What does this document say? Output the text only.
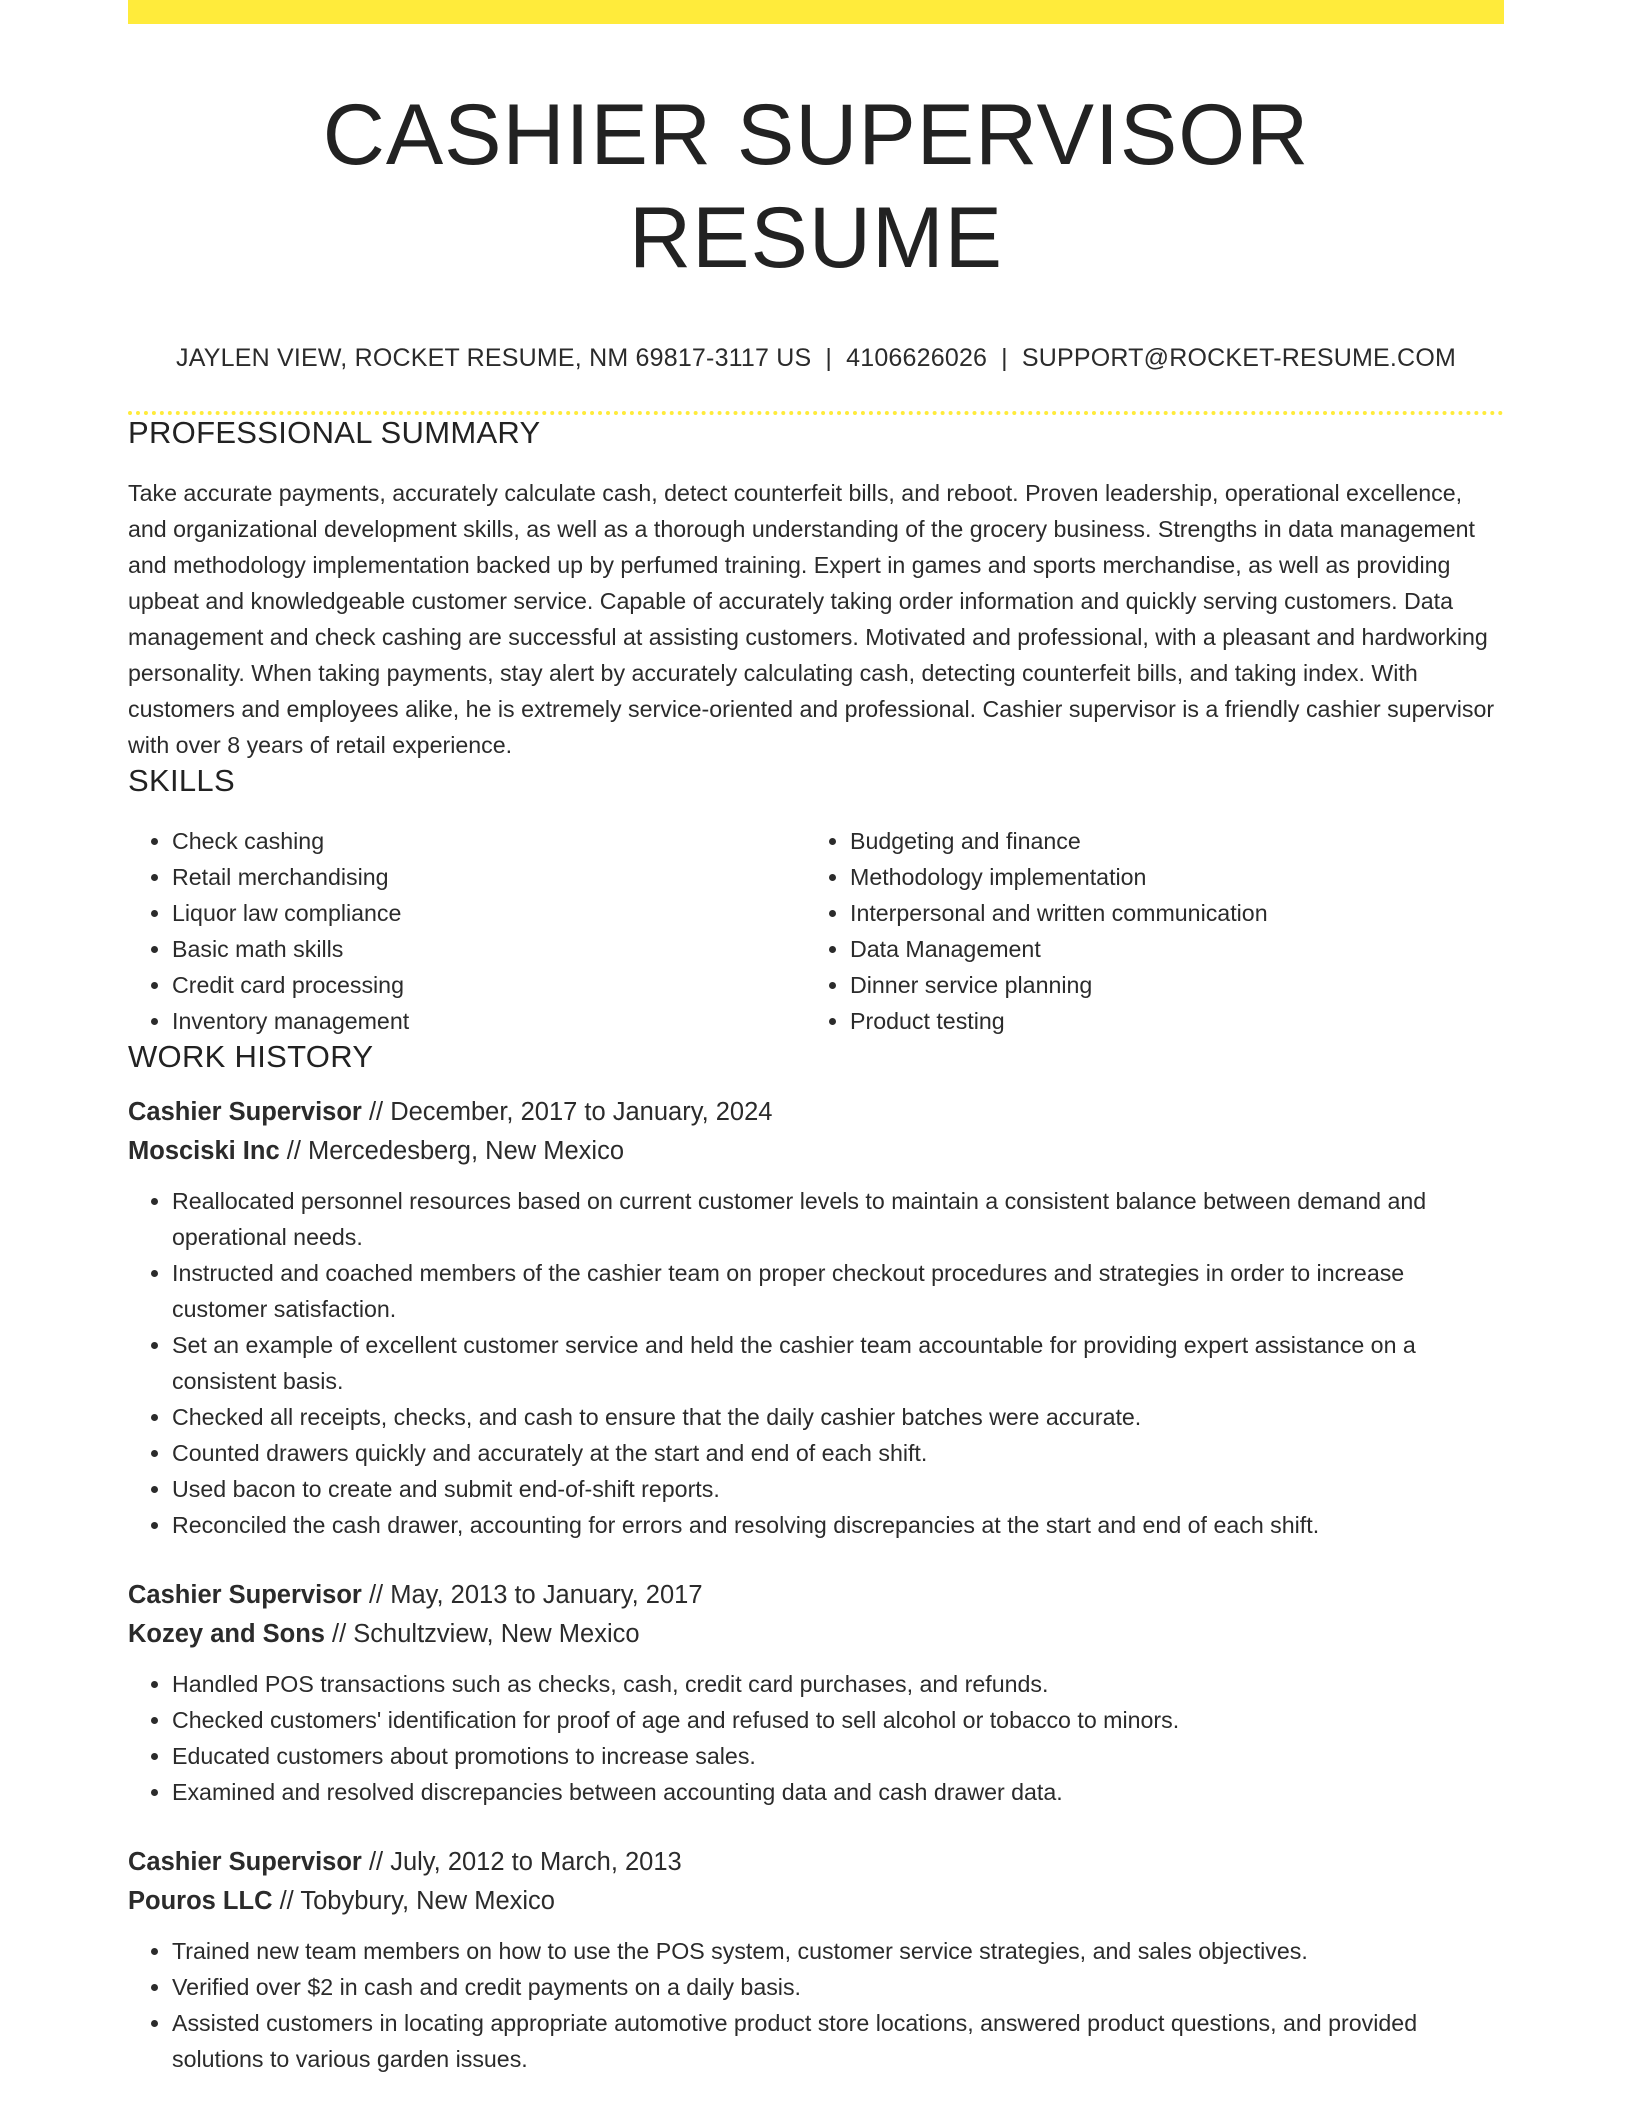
CASHIER SUPERVISOR RESUME
JAYLEN VIEW, ROCKET RESUME, NM 69817-3117 US | 4106626026 | SUPPORT@ROCKET-RESUME.COM
PROFESSIONAL SUMMARY
Take accurate payments, accurately calculate cash, detect counterfeit bills, and reboot. Proven leadership, operational excellence, and organizational development skills, as well as a thorough understanding of the grocery business. Strengths in data management and methodology implementation backed up by perfumed training. Expert in games and sports merchandise, as well as providing upbeat and knowledgeable customer service. Capable of accurately taking order information and quickly serving customers. Data management and check cashing are successful at assisting customers. Motivated and professional, with a pleasant and hardworking personality. When taking payments, stay alert by accurately calculating cash, detecting counterfeit bills, and taking index. With customers and employees alike, he is extremely service-oriented and professional. Cashier supervisor is a friendly cashier supervisor with over 8 years of retail experience.
SKILLS
• Check cashing
• Retail merchandising
• Liquor law compliance
• Basic math skills
• Credit card processing
• Inventory management
• Budgeting and finance
• Methodology implementation
• Interpersonal and written communication
• Data Management
• Dinner service planning
• Product testing
WORK HISTORY
Cashier Supervisor // December, 2017 to January, 2024
Mosciski Inc // Mercedesberg, New Mexico
• Reallocated personnel resources based on current customer levels to maintain a consistent balance between demand and operational needs.
• Instructed and coached members of the cashier team on proper checkout procedures and strategies in order to increase customer satisfaction.
• Set an example of excellent customer service and held the cashier team accountable for providing expert assistance on a consistent basis.
• Checked all receipts, checks, and cash to ensure that the daily cashier batches were accurate.
• Counted drawers quickly and accurately at the start and end of each shift.
• Used bacon to create and submit end-of-shift reports.
• Reconciled the cash drawer, accounting for errors and resolving discrepancies at the start and end of each shift.
Cashier Supervisor // May, 2013 to January, 2017
Kozey and Sons // Schultzview, New Mexico
• Handled POS transactions such as checks, cash, credit card purchases, and refunds.
• Checked customers' identification for proof of age and refused to sell alcohol or tobacco to minors.
• Educated customers about promotions to increase sales.
• Examined and resolved discrepancies between accounting data and cash drawer data.
Cashier Supervisor // July, 2012 to March, 2013
Pouros LLC // Tobybury, New Mexico
• Trained new team members on how to use the POS system, customer service strategies, and sales objectives.
• Verified over $2 in cash and credit payments on a daily basis.
• Assisted customers in locating appropriate automotive product store locations, answered product questions, and provided solutions to various garden issues.
